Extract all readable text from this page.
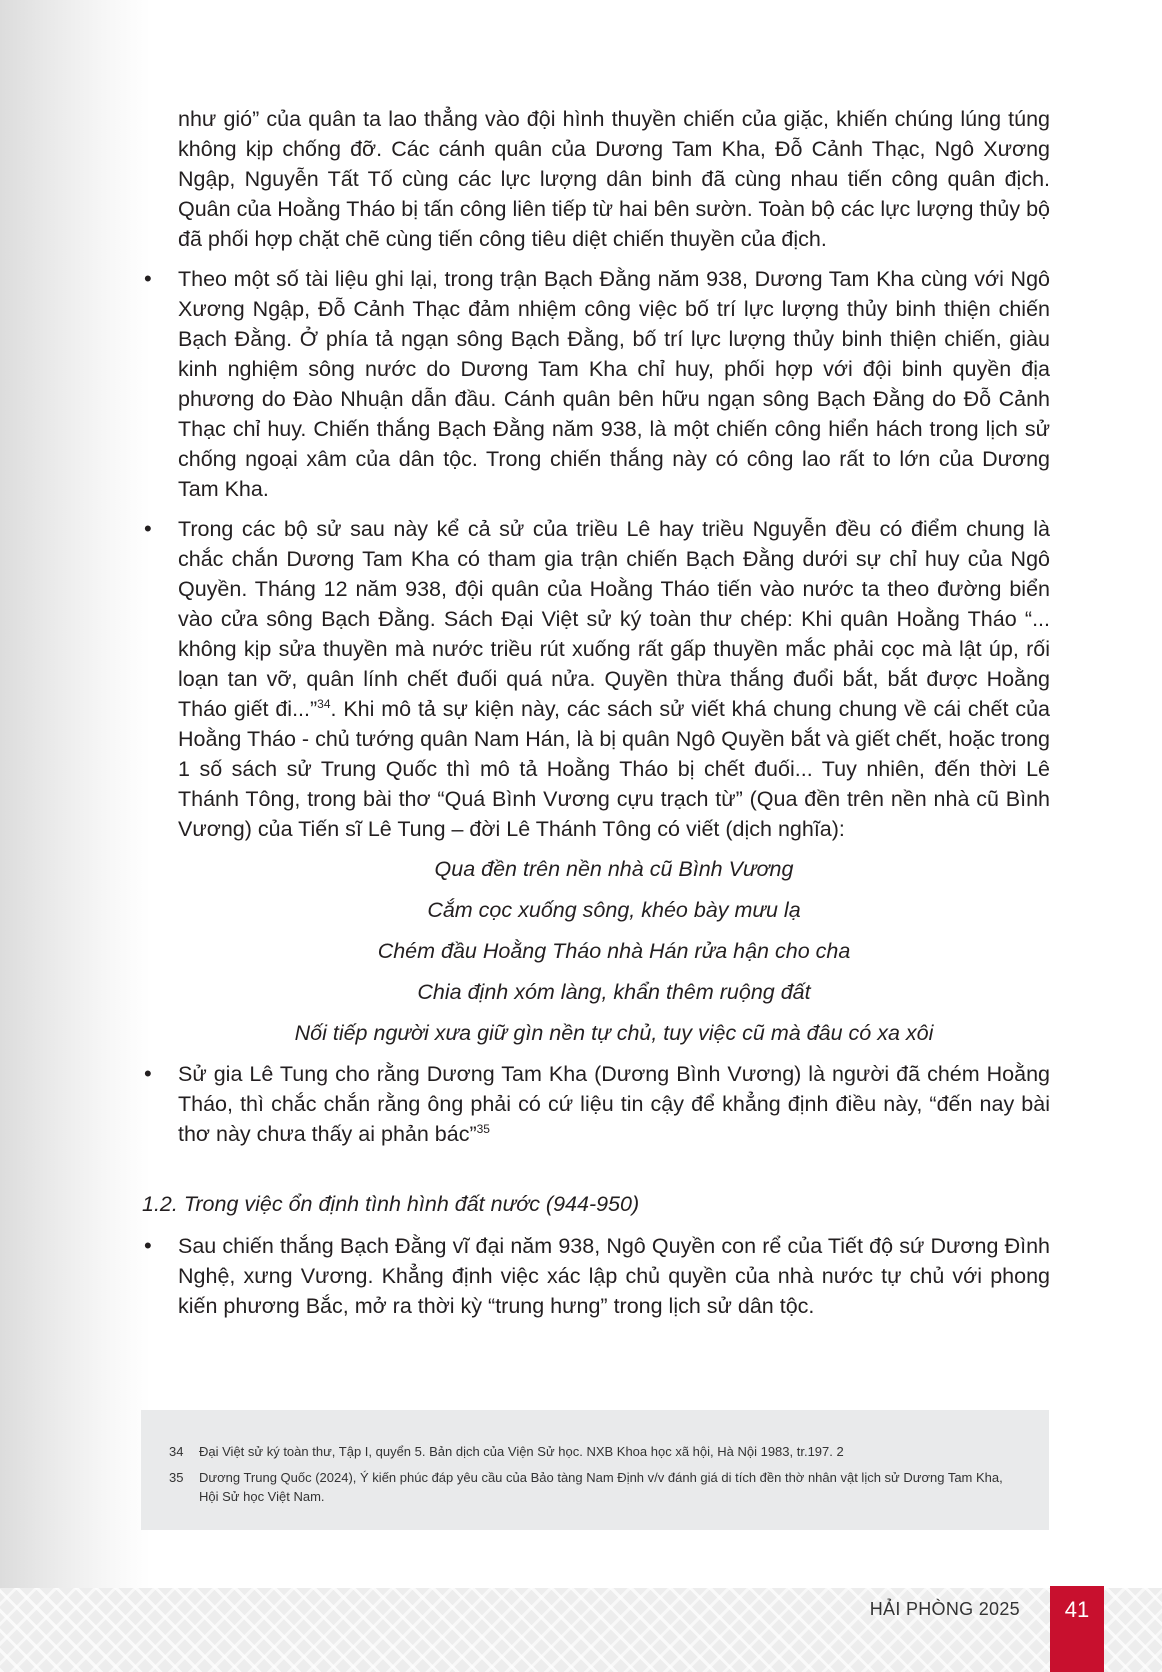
như gió” của quân ta lao thẳng vào đội hình thuyền chiến của giặc, khiến chúng lúng túng không kịp chống đỡ. Các cánh quân của Dương Tam Kha, Đỗ Cảnh Thạc, Ngô Xương Ngập, Nguyễn Tất Tố cùng các lực lượng dân binh đã cùng nhau tiến công quân địch. Quân của Hoằng Tháo bị tấn công liên tiếp từ hai bên sườn. Toàn bộ các lực lượng thủy bộ đã phối hợp chặt chẽ cùng tiến công tiêu diệt chiến thuyền của địch.

•	Theo một số tài liệu ghi lại, trong trận Bạch Đằng năm 938, Dương Tam Kha cùng với Ngô Xương Ngập, Đỗ Cảnh Thạc đảm nhiệm công việc bố trí lực lượng thủy binh thiện chiến Bạch Đằng. Ở phía tả ngạn sông Bạch Đằng, bố trí lực lượng thủy binh thiện chiến, giàu kinh nghiệm sông nước do Dương Tam Kha chỉ huy, phối hợp với đội binh quyền địa phương do Đào Nhuận dẫn đầu. Cánh quân bên hữu ngạn sông Bạch Đằng do Đỗ Cảnh Thạc chỉ huy. Chiến thắng Bạch Đằng năm 938, là một chiến công hiển hách trong lịch sử chống ngoại xâm của dân tộc. Trong chiến thắng này có công lao rất to lớn của Dương Tam Kha.
•	Trong các bộ sử sau này kể cả sử của triều Lê hay triều Nguyễn đều có điểm chung là chắc chắn Dương Tam Kha có tham gia trận chiến Bạch Đằng dưới sự chỉ huy của Ngô Quyền. Tháng 12 năm 938, đội quân của Hoằng Tháo tiến vào nước ta theo đường biển vào cửa sông Bạch Đằng. Sách Đại Việt sử ký toàn thư chép: Khi quân Hoằng Tháo “... không kịp sửa thuyền mà nước triều rút xuống rất gấp thuyền mắc phải cọc mà lật úp, rối loạn tan vỡ, quân lính chết đuối quá nửa. Quyền thừa thắng đuổi bắt, bắt được Hoằng Tháo giết đi...”$^{34}$. Khi mô tả sự kiện này, các sách sử viết khá chung chung về cái chết của Hoằng Tháo - chủ tướng quân Nam Hán, là bị quân Ngô Quyền bắt và giết chết, hoặc trong 1 số sách sử Trung Quốc thì mô tả Hoằng Tháo bị chết đuối... Tuy nhiên, đến thời Lê Thánh Tông, trong bài thơ “Quá Bình Vương cựu trạch từ” (Qua đền trên nền nhà cũ Bình Vương) của Tiến sĩ Lê Tung – đời Lê Thánh Tông có viết (dịch nghĩa):
Qua đền trên nền nhà cũ Bình Vương
Cắm cọc xuống sông, khéo bày mưu lạ
Chém đầu Hoằng Tháo nhà Hán rửa hận cho cha
Chia định xóm làng, khẩn thêm ruộng đất
Nối tiếp người xưa giữ gìn nền tự chủ, tuy việc cũ mà đâu có xa xôi
•	Sử gia Lê Tung cho rằng Dương Tam Kha (Dương Bình Vương) là người đã chém Hoằng Tháo, thì chắc chắn rằng ông phải có cứ liệu tin cậy để khẳng định điều này, “đến nay bài thơ này chưa thấy ai phản bác”$^{35}$
1.2. Trong việc ổn định tình hình đất nước (944-950)
•	Sau chiến thắng Bạch Đằng vĩ đại năm 938, Ngô Quyền con rể của Tiết độ sứ Dương Đình Nghệ, xưng Vương. Khẳng định việc xác lập chủ quyền của nhà nước tự chủ với phong kiến phương Bắc, mở ra thời kỳ “trung hưng” trong lịch sử dân tộc.
34 Đại Việt sử ký toàn thư, Tập I, quyển 5. Bản dịch của Viện Sử học. NXB Khoa học xã hội, Hà Nội 1983, tr.197. 2
35 Dương Trung Quốc (2024), Ý kiến phúc đáp yêu cầu của Bảo tàng Nam Định v/v đánh giá di tích đền thờ nhân vật lịch sử Dương Tam Kha, Hội Sử học Việt Nam.
HẢI PHÒNG 2025	41
